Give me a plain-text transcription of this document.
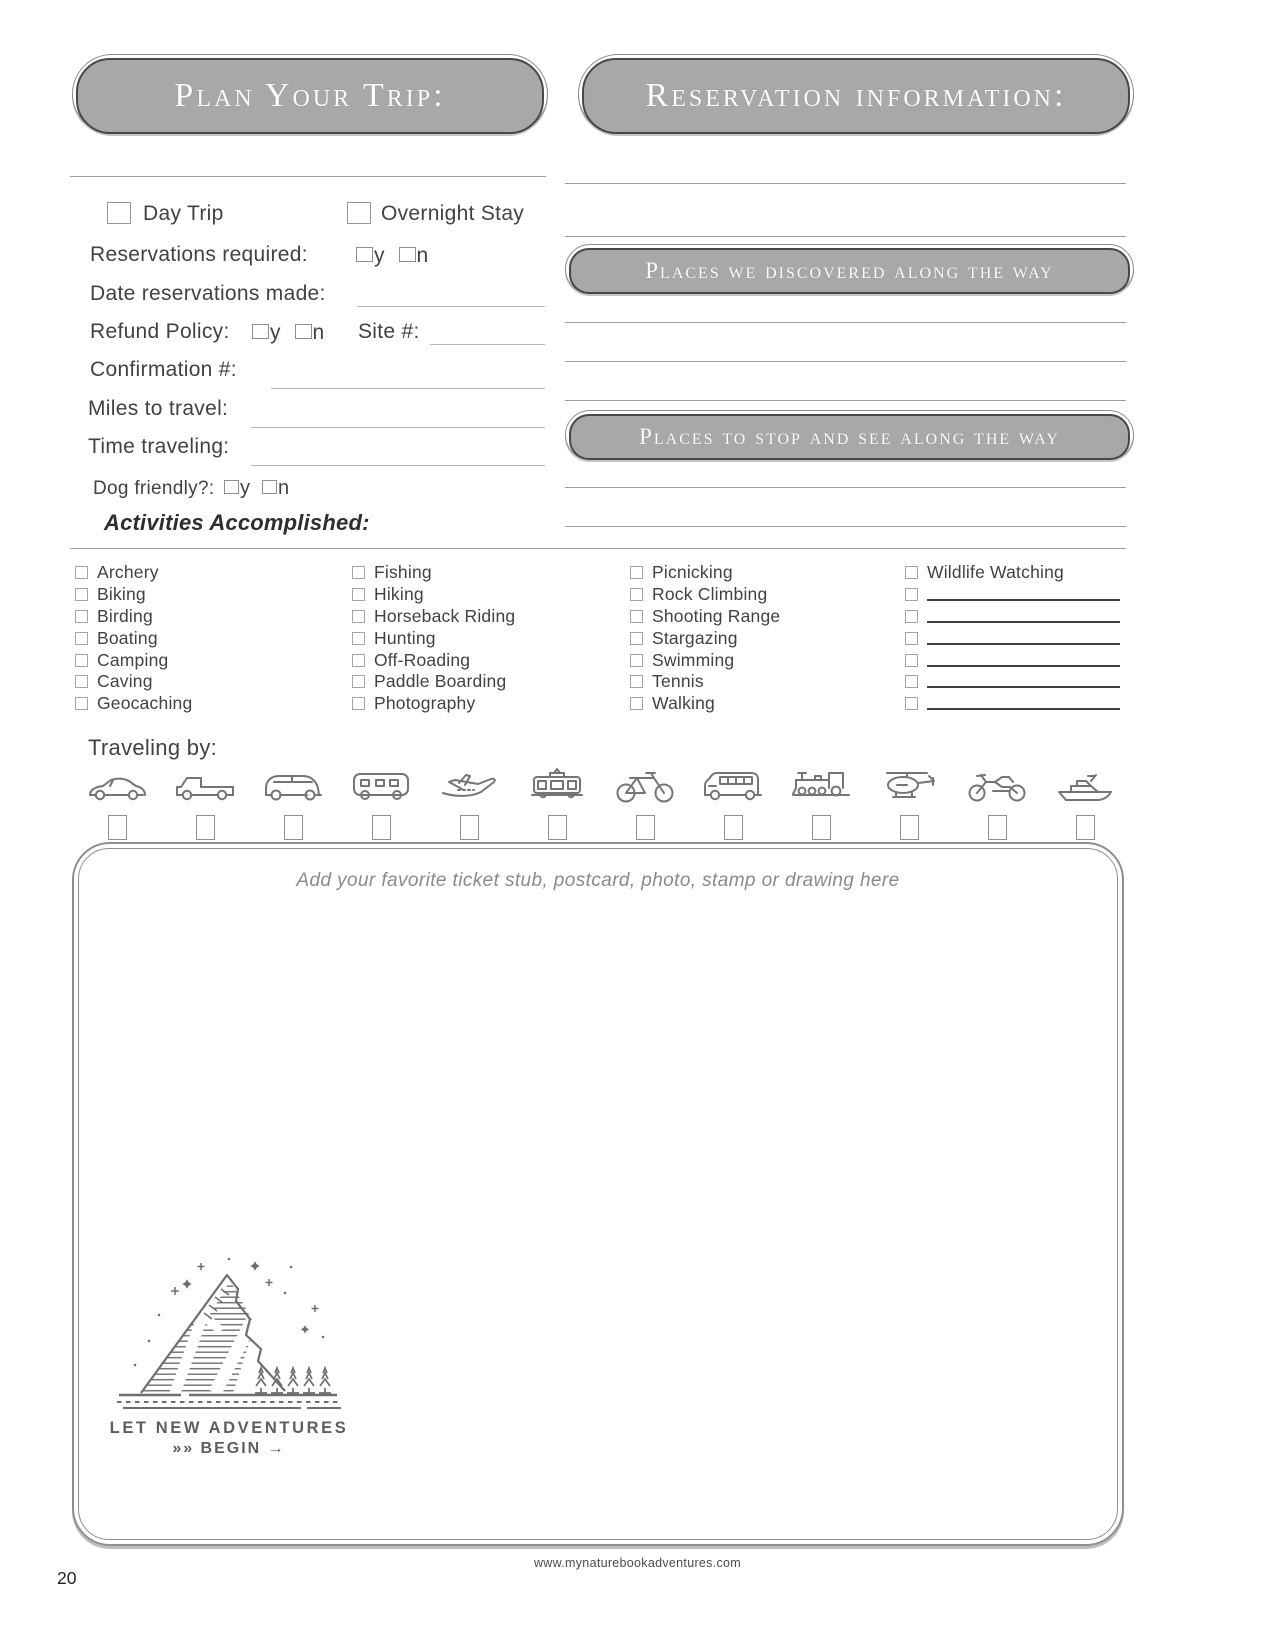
Plan Your Trip:	Reservation information:
Day Trip	Overnight Stay
Reservations required:	y n
Date reservations made:
Refund Policy: y n Site #:
Confirmation #:
Miles to travel:
Time traveling:
Dog friendly?: y n
Activities Accomplished:
Places we discovered along the way
Places to stop and see along the way
Archery	Fishing	Picnicking	Wildlife Watching
Biking	Hiking	Rock Climbing
Birding	Horseback Riding	Shooting Range
Boating	Hunting	Stargazing
Camping	Off-Roading	Swimming
Caving	Paddle Boarding	Tennis
Geocaching	Photography	Walking
Traveling by:
Add your favorite ticket stub, postcard, photo, stamp or drawing here
LET NEW ADVENTURES
»» BEGIN →
www.mynaturebookadventures.com
20
